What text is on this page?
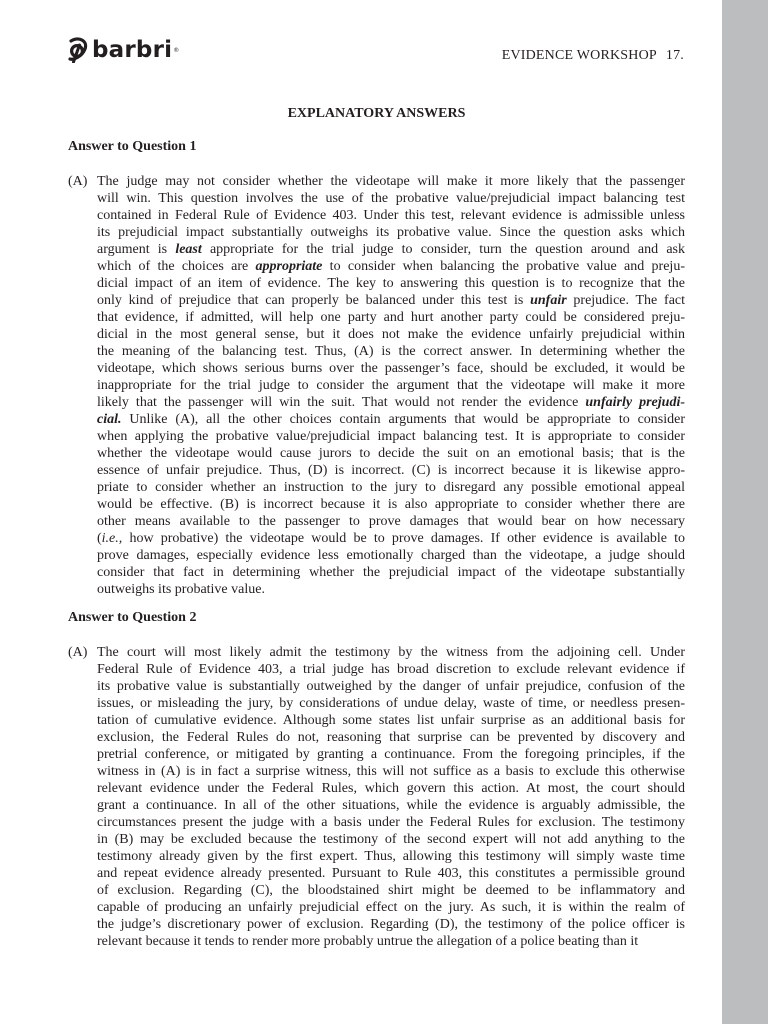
barbri ®	EVIDENCE WORKSHOP 17.
EXPLANATORY ANSWERS
Answer to Question 1
(A) The judge may not consider whether the videotape will make it more likely that the passenger
will win. This question involves the use of the probative value/prejudicial impact balancing test
contained in Federal Rule of Evidence 403. Under this test, relevant evidence is admissible unless
its prejudicial impact substantially outweighs its probative value. Since the question asks which
argument is least appropriate for the trial judge to consider, turn the question around and ask
which of the choices are appropriate to consider when balancing the probative value and preju-
dicial impact of an item of evidence. The key to answering this question is to recognize that the
only kind of prejudice that can properly be balanced under this test is unfair prejudice. The fact
that evidence, if admitted, will help one party and hurt another party could be considered preju-
dicial in the most general sense, but it does not make the evidence unfairly prejudicial within
the meaning of the balancing test. Thus, (A) is the correct answer. In determining whether the
videotape, which shows serious burns over the passenger’s face, should be excluded, it would be
inappropriate for the trial judge to consider the argument that the videotape will make it more
likely that the passenger will win the suit. That would not render the evidence unfairly prejudi-
cial. Unlike (A), all the other choices contain arguments that would be appropriate to consider
when applying the probative value/prejudicial impact balancing test. It is appropriate to consider
whether the videotape would cause jurors to decide the suit on an emotional basis; that is the
essence of unfair prejudice. Thus, (D) is incorrect. (C) is incorrect because it is likewise appro-
priate to consider whether an instruction to the jury to disregard any possible emotional appeal
would be effective. (B) is incorrect because it is also appropriate to consider whether there are
other means available to the passenger to prove damages that would bear on how necessary
(i.e., how probative) the videotape would be to prove damages. If other evidence is available to
prove damages, especially evidence less emotionally charged than the videotape, a judge should
consider that fact in determining whether the prejudicial impact of the videotape substantially
outweighs its probative value.
Answer to Question 2
(A) The court will most likely admit the testimony by the witness from the adjoining cell. Under
Federal Rule of Evidence 403, a trial judge has broad discretion to exclude relevant evidence if
its probative value is substantially outweighed by the danger of unfair prejudice, confusion of the
issues, or misleading the jury, by considerations of undue delay, waste of time, or needless presen-
tation of cumulative evidence. Although some states list unfair surprise as an additional basis for
exclusion, the Federal Rules do not, reasoning that surprise can be prevented by discovery and
pretrial conference, or mitigated by granting a continuance. From the foregoing principles, if the
witness in (A) is in fact a surprise witness, this will not suffice as a basis to exclude this otherwise
relevant evidence under the Federal Rules, which govern this action. At most, the court should
grant a continuance. In all of the other situations, while the evidence is arguably admissible, the
circumstances present the judge with a basis under the Federal Rules for exclusion. The testimony
in (B) may be excluded because the testimony of the second expert will not add anything to the
testimony already given by the first expert. Thus, allowing this testimony will simply waste time
and repeat evidence already presented. Pursuant to Rule 403, this constitutes a permissible ground
of exclusion. Regarding (C), the bloodstained shirt might be deemed to be inflammatory and
capable of producing an unfairly prejudicial effect on the jury. As such, it is within the realm of
the judge’s discretionary power of exclusion. Regarding (D), the testimony of the police officer is
relevant because it tends to render more probably untrue the allegation of a police beating than it
